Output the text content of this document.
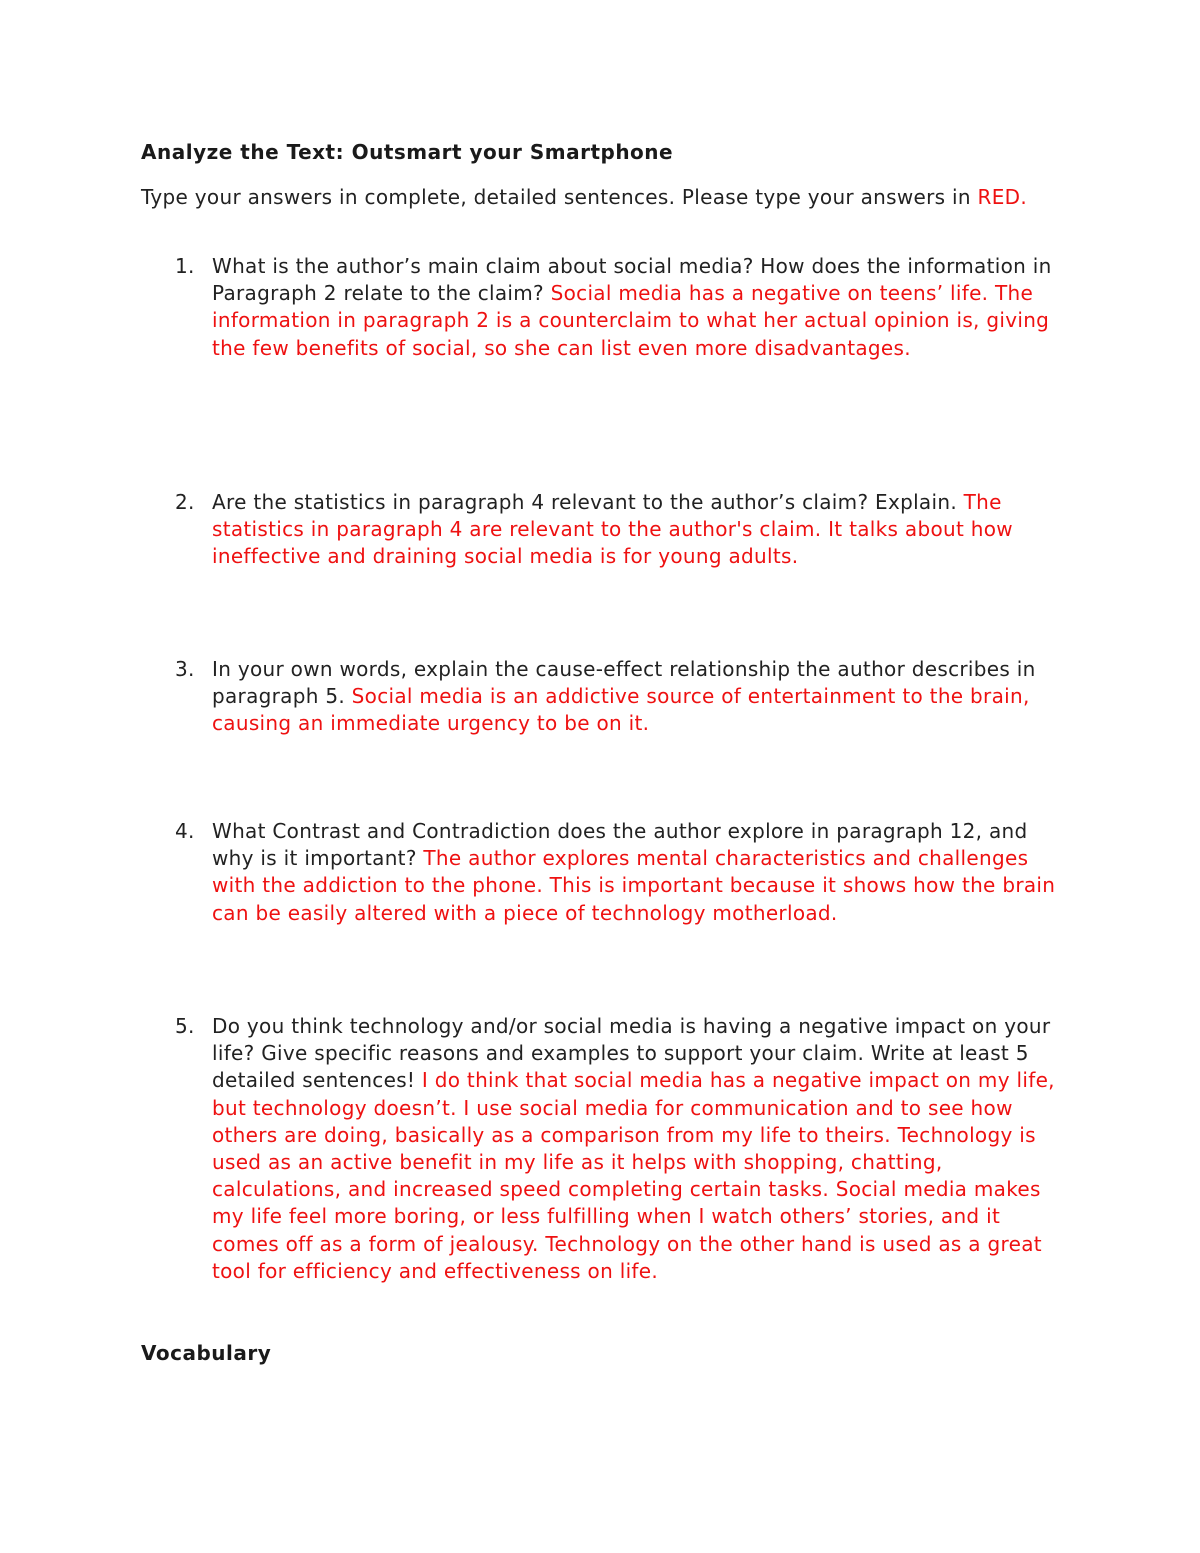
Analyze the Text: Outsmart your Smartphone

Type your answers in complete, detailed sentences. Please type your answers in RED.

1. What is the author’s main claim about social media? How does the information in Paragraph 2 relate to the claim? Social media has a negative on teens’ life. The information in paragraph 2 is a counterclaim to what her actual opinion is, giving the few benefits of social, so she can list even more disadvantages.
2. Are the statistics in paragraph 4 relevant to the author’s claim? Explain. The statistics in paragraph 4 are relevant to the author's claim. It talks about how ineffective and draining social media is for young adults.
3. In your own words, explain the cause-effect relationship the author describes in paragraph 5. Social media is an addictive source of entertainment to the brain, causing an immediate urgency to be on it.
4. What Contrast and Contradiction does the author explore in paragraph 12, and why is it important? The author explores mental characteristics and challenges with the addiction to the phone. This is important because it shows how the brain can be easily altered with a piece of technology motherload.
5. Do you think technology and/or social media is having a negative impact on your life? Give specific reasons and examples to support your claim. Write at least 5 detailed sentences! I do think that social media has a negative impact on my life, but technology doesn’t. I use social media for communication and to see how others are doing, basically as a comparison from my life to theirs. Technology is used as an active benefit in my life as it helps with shopping, chatting, calculations, and increased speed completing certain tasks. Social media makes my life feel more boring, or less fulfilling when I watch others’ stories, and it comes off as a form of jealousy. Technology on the other hand is used as a great tool for efficiency and effectiveness on life.
Vocabulary
